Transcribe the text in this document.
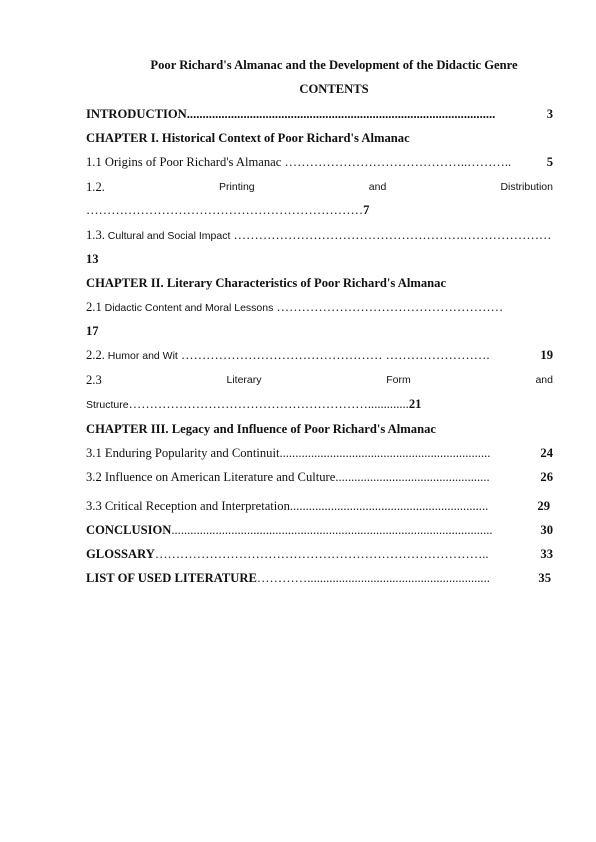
Poor Richard's Almanac and the Development of the Didactic Genre
CONTENTS
INTRODUCTION..................................................................................................	3
CHAPTER I. Historical Context of Poor Richard's Almanac
1.1 Origins of Poor Richard's Almanac ……………………………………..………..	5
1.2.	Printing	and	Distribution
…………………………………………………………7
1.3. Cultural and Social Impact ……………………………………………….…………………
13
CHAPTER II. Literary Characteristics of Poor Richard's Almanac
2.1 Didactic Content and Moral Lessons ………………………………………………
17
2.2. Humor and Wit ………………………………………… …………………….	19
2.3	Literary	Form	and
Structure………………………………………………….............21
CHAPTER III. Legacy and Influence of Poor Richard's Almanac
3.1 Enduring Popularity and Continuit...................................................................	24
3.2 Influence on American Literature and Culture.................................................	26
3.3 Critical Reception and Interpretation...............................................................	29
CONCLUSION......................................................................................................	30
GLOSSARY……………………………………………………………………..	33
LIST OF USED LITERATURE…………..........................................................	35
